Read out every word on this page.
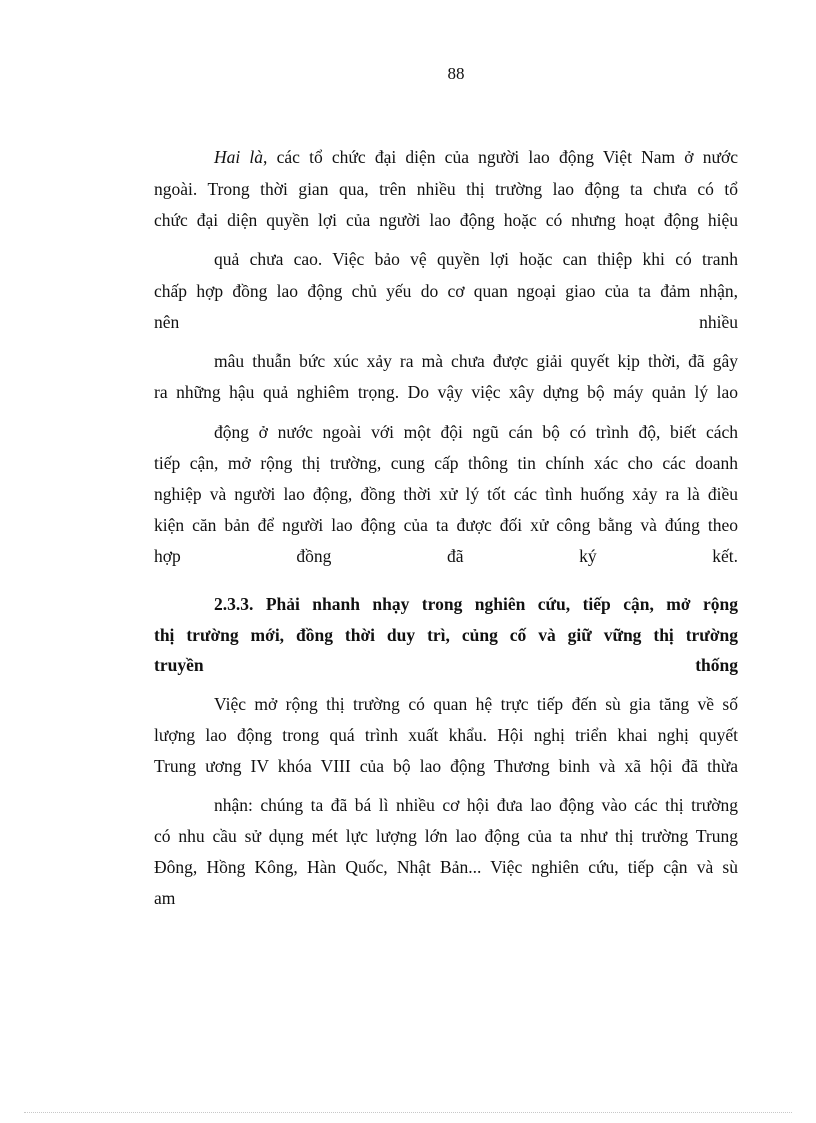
88
Hai là, các tổ chức đại diện của người lao động Việt Nam ở nước
ngoài. Trong thời gian qua, trên nhiều thị trường lao động ta chưa có tổ
chức đại diện quyền lợi của người lao động hoặc có nhưng hoạt động hiệu
quả chưa cao. Việc bảo vệ quyền lợi hoặc can thiệp khi có tranh
chấp hợp đồng lao động chủ yếu do cơ quan ngoại giao của ta đảm nhận,
nên	nhiều
mâu thuẫn bức xúc xảy ra mà chưa được giải quyết kịp thời, đã gây
ra những hậu quả nghiêm trọng. Do vậy việc xây dựng bộ máy quản lý lao
động ở nước ngoài với một đội ngũ cán bộ có trình độ, biết cách
tiếp cận, mở rộng thị trường, cung cấp thông tin chính xác cho các doanh
nghiệp và người lao động, đồng thời xử lý tốt các tình huống xảy ra là điều
kiện căn bản để người lao động của ta được đối xử công bằng và đúng theo
hợp đồng đã ký kết.
2.3.3. Phải nhanh nhạy trong nghiên cứu, tiếp cận, mở rộng
thị trường mới, đồng thời duy trì, củng cố và giữ vững thị trường
truyền	thống
Việc mở rộng thị trường có quan hệ trực tiếp đến sù gia tăng về số
lượng lao động trong quá trình xuất khẩu. Hội nghị triển khai nghị quyết
Trung ương IV khóa VIII của bộ lao động Thương binh và xã hội đã thừa
nhận: chúng ta đã bá lì nhiều cơ hội đưa lao động vào các thị trường
có nhu cầu sử dụng mét lực lượng lớn lao động của ta như thị trường Trung
Đông, Hồng Kông, Hàn Quốc, Nhật Bản... Việc nghiên cứu, tiếp cận và sù
am
